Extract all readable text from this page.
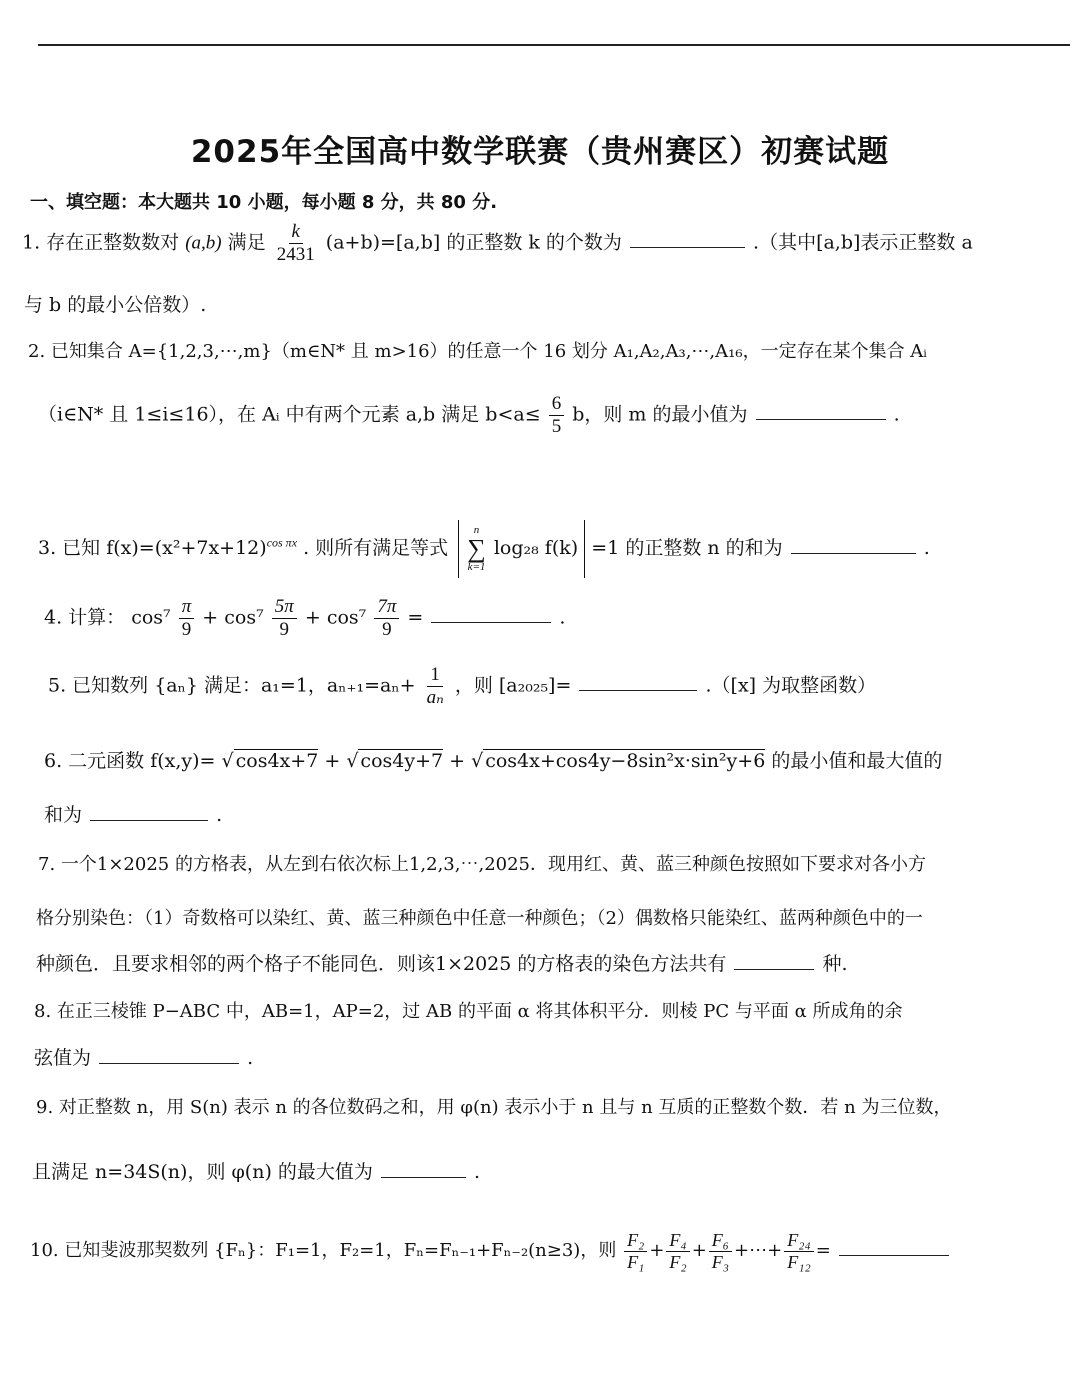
2025年全国高中数学联赛（贵州赛区）初赛试题
一、填空题：本大题共 10 小题，每小题 8 分，共 80 分.
1. 存在正整数数对 (a,b) 满足 $\frac{k}{2431} (a+b)=[a,b]$ 的正整数 k 的个数为	.（其中[a,b]表示正整数 a
与 b 的最小公倍数）.
2. 已知集合 A={1,2,3,⋯,m}（m∈N* 且 m>16）的任意一个 16 划分 A₁,A₂,A₃,⋯,A₁₆，一定存在某个集合 Aᵢ
（i∈N* 且 1≤i≤16），在 Aᵢ 中有两个元素 a,b 满足 $b<a\le \frac{6}{5}$ b，则 m 的最小值为	.
3. 已知 $f(x)=(x^2+7x+12)^{cos \pi x}$ . 则所有满足等式
n
∑
k=1
log₂₈ f(k) =1 的正整数 n 的和为	.
4. 计算： $\cos^7 \frac{\pi}{9} + \cos^7 \frac{5\pi}{9} + \cos^7 \frac{7\pi}{9}$ =	.
5. 已知数列 {aₙ} 满足：a₁=1，$a_{n+1}=a_n+ \frac{1}{\text{aₙ}}$ ，则 [a₂₀₂₅]=	.（[x] 为取整函数）
6. 二元函数 f(x,y)= √ cos4x+7 + √ cos4y+7 + √ cos4x+cos4y−8sin²x·sin²y+6 的最小值和最大值的
和为	.
7. 一个1×2025 的方格表，从左到右依次标上1,2,3,⋯,2025．现用红、黄、蓝三种颜色按照如下要求对各小方
格分别染色：（1）奇数格可以染红、黄、蓝三种颜色中任意一种颜色；（2）偶数格只能染红、蓝两种颜色中的一
种颜色．且要求相邻的两个格子不能同色．则该1×2025 的方格表的染色方法共有	种.
8. 在正三棱锥 P−ABC 中，AB=1，AP=2，过 AB 的平面 α 将其体积平分．则棱 PC 与平面 α 所成角的余
弦值为	.
9. 对正整数 n，用 S(n) 表示 n 的各位数码之和，用 φ(n) 表示小于 n 且与 n 互质的正整数个数．若 n 为三位数，
且满足 n=34S(n)，则 φ(n) 的最大值为	.
10. 已知斐波那契数列 {Fₙ}：F₁=1，F₂=1，Fₙ=Fₙ₋₁+Fₙ₋₂(n≥3)，则 $\frac{\text{F₂}}{\text{F₁}} + \frac{\text{F₄}}{\text{F₂}} + \frac{\text{F₆}}{\text{F₃}}$ +⋯+ $\frac{\text{F₂₄}}{\text{F₁₂}}$ =
